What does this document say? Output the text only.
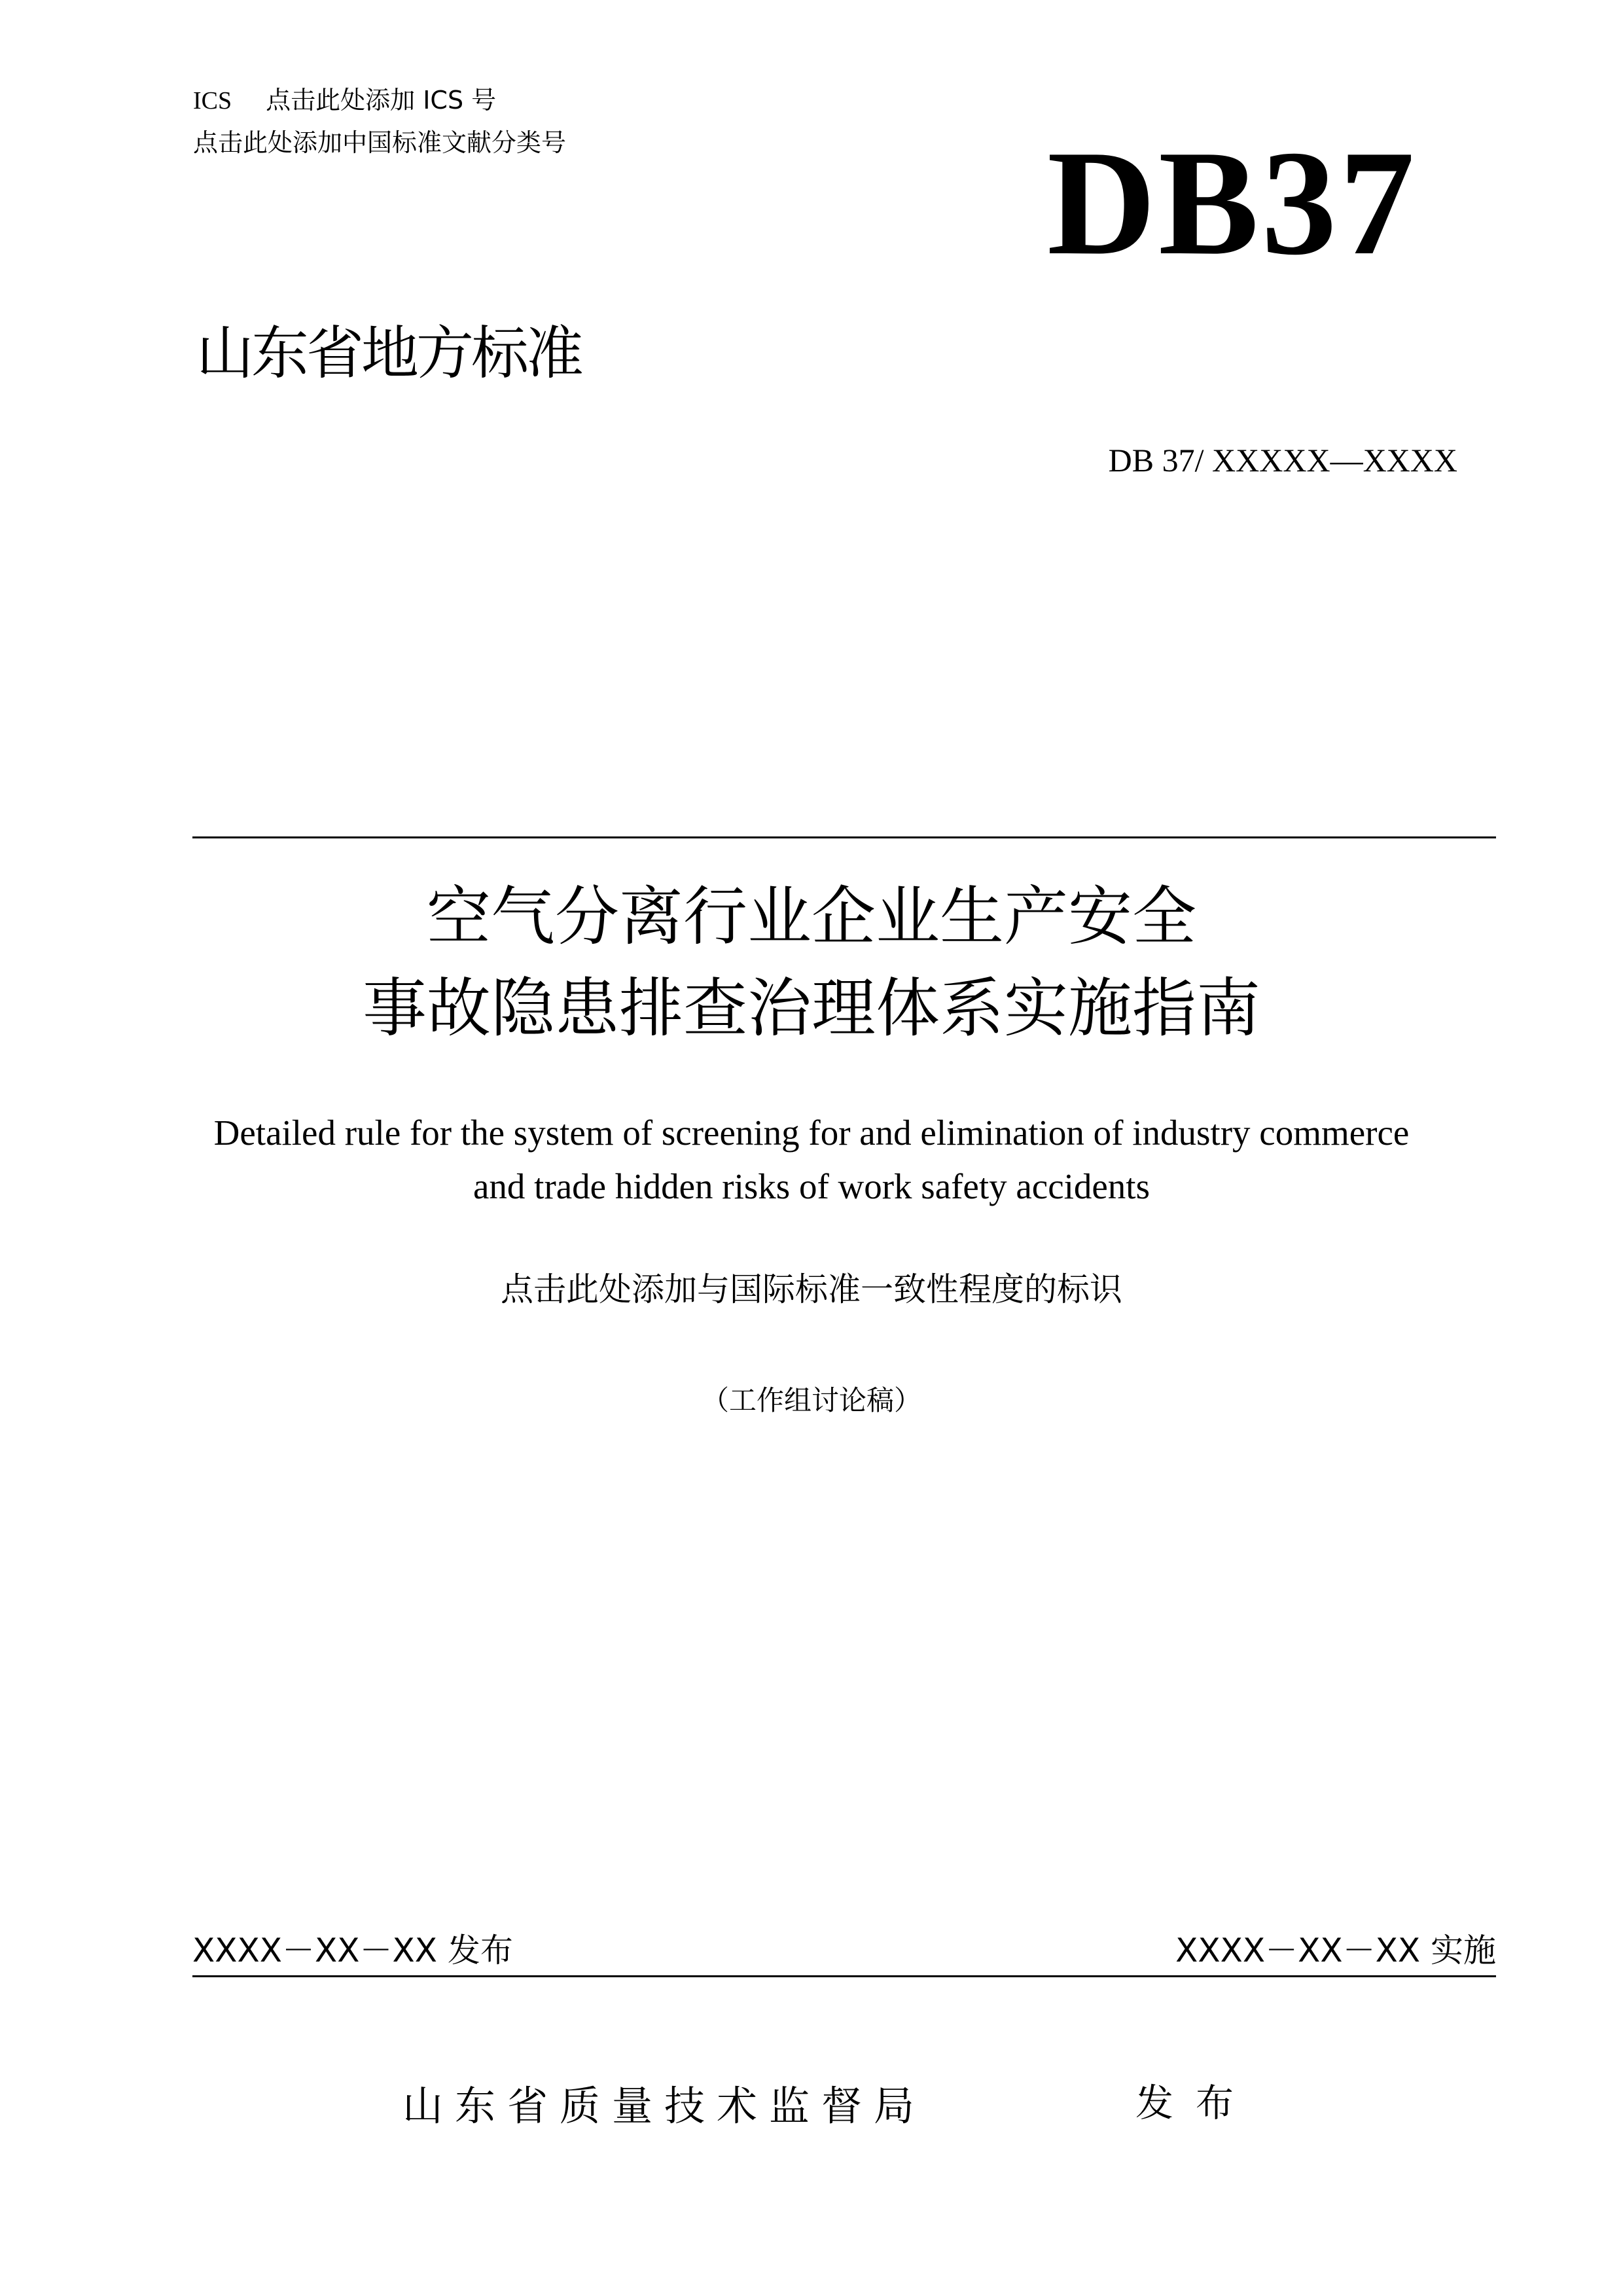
ICS 点击此处添加 ICS 号
点击此处添加中国标准文献分类号	DB37
山东省地方标准
DB 37/ XXXXX—XXXX
空气分离行业企业生产安全
事故隐患排查治理体系实施指南
Detailed rule for the system of screening for and elimination of industry commerce
and trade hidden risks of work safety accidents
点击此处添加与国际标准一致性程度的标识
（工作组讨论稿）
XXXX－XX－XX 发布	XXXX－XX－XX 实施
山东省质量技术监督局	发布
